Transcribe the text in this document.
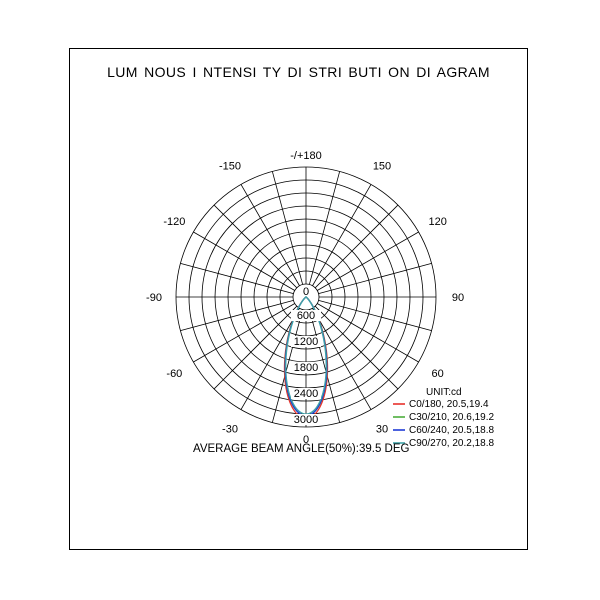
LUM NOUS I NTENSI TY DI STRI BUTI ON DI AGRAM
-/+180
-150	150
-120	120
-90	90
-60	60
-30	30
0
0
600
1200
1800
2400
3000
UNIT:cd
C0/180, 20.5,19.4
C30/210, 20.6,19.2
C60/240, 20.5,18.8
C90/270, 20.2,18.8
AVERAGE BEAM ANGLE(50%):39.5 DEG
